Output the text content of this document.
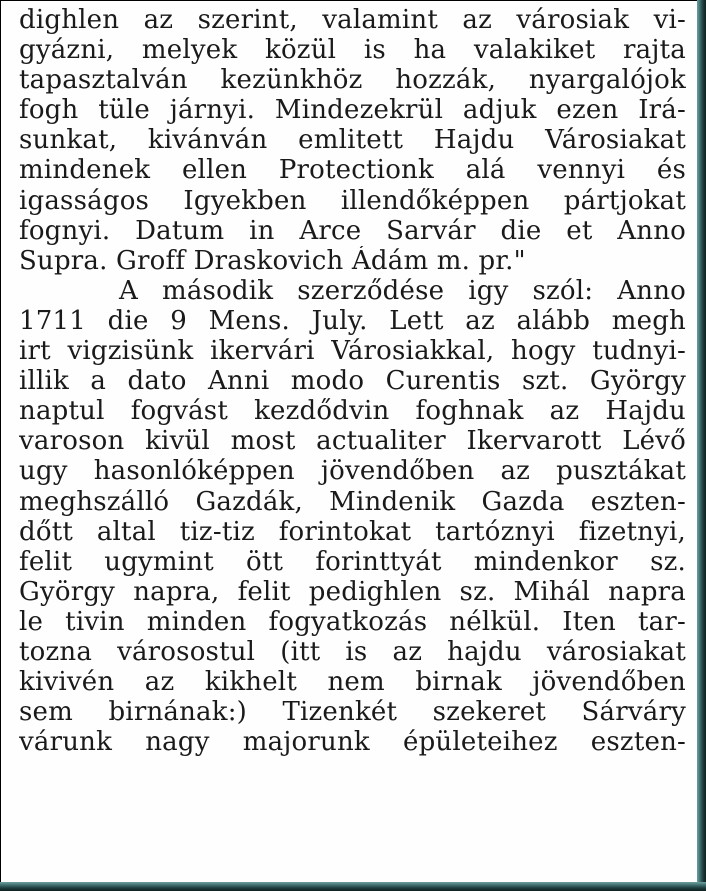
dighlen az szerint, valamint az városiak vi-
gyázni, melyek közül is ha valakiket rajta
tapasztalván kezünkhöz hozzák, nyargalójok
fogh tüle járnyi. Mindezekrül adjuk ezen Irá-
sunkat, kivánván emlitett Hajdu Városiakat
mindenek ellen Protectionk alá vennyi és
igasságos Igyekben illendőképpen pártjokat
fognyi. Datum in Arce Sarvár die et Anno
Supra. Groff Draskovich Ádám m. pr."
A második szerződése igy szól: Anno
1711 die 9 Mens. July. Lett az alább megh
irt vigzisünk ikervári Városiakkal, hogy tudnyi-
illik a dato Anni modo Curentis szt. György
naptul fogvást kezdődvin foghnak az Hajdu
varoson kivül most actualiter Ikervarott Lévő
ugy hasonlóképpen jövendőben az pusztákat
meghszálló Gazdák, Mindenik Gazda eszten-
dőtt altal tiz-tiz forintokat tartóznyi fizetnyi,
felit ugymint ött forinttyát mindenkor sz.
György napra, felit pedighlen sz. Mihál napra
le tivin minden fogyatkozás nélkül. Iten tar-
tozna városostul (itt is az hajdu városiakat
kivivén az kikhelt nem birnak jövendőben
sem birnának:) Tizenkét szekeret Sárváry
várunk nagy majorunk épületeihez eszten-
